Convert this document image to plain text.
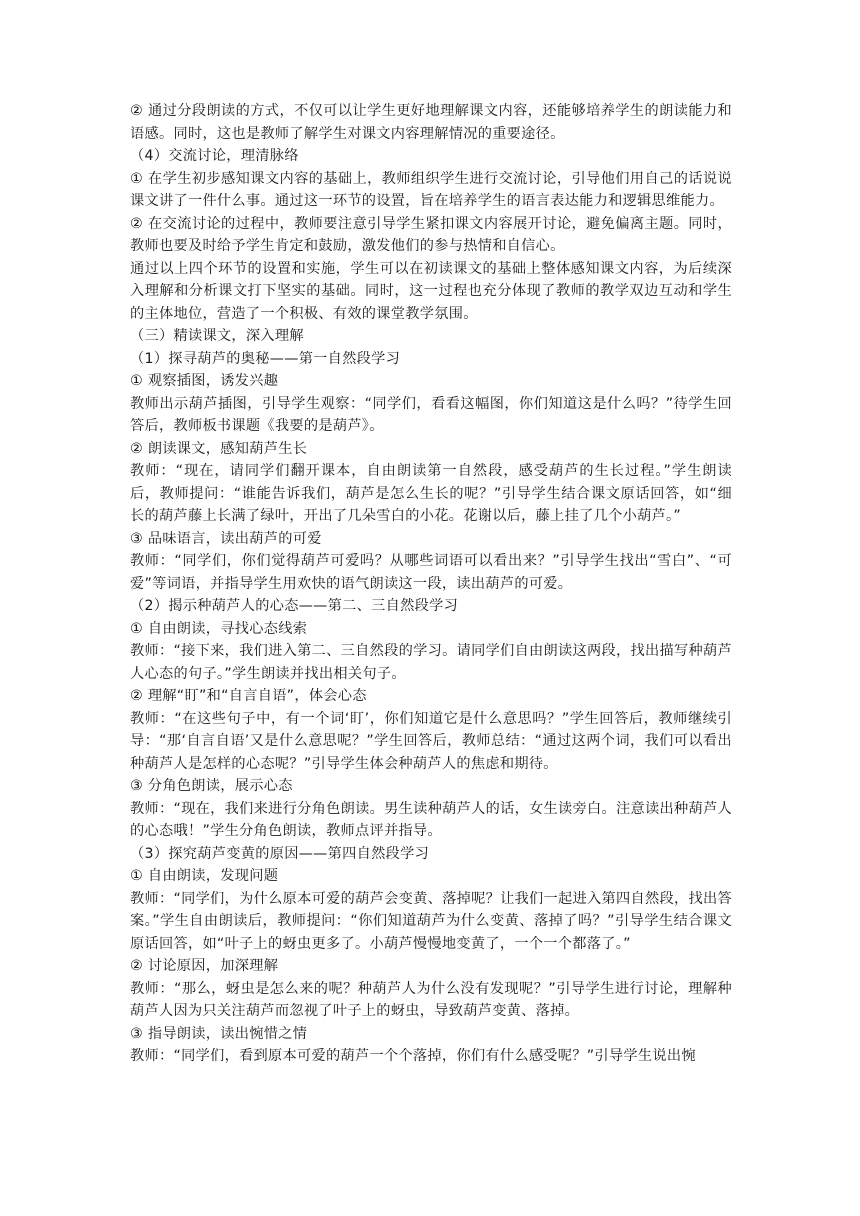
② 通过分段朗读的方式，不仅可以让学生更好地理解课文内容，还能够培养学生的朗读能力和语感。同时，这也是教师了解学生对课文内容理解情况的重要途径。

（4）交流讨论，理清脉络

① 在学生初步感知课文内容的基础上，教师组织学生进行交流讨论，引导他们用自己的话说说课文讲了一件什么事。通过这一环节的设置，旨在培养学生的语言表达能力和逻辑思维能力。

② 在交流讨论的过程中，教师要注意引导学生紧扣课文内容展开讨论，避免偏离主题。同时，教师也要及时给予学生肯定和鼓励，激发他们的参与热情和自信心。

通过以上四个环节的设置和实施，学生可以在初读课文的基础上整体感知课文内容，为后续深入理解和分析课文打下坚实的基础。同时，这一过程也充分体现了教师的教学双边互动和学生的主体地位，营造了一个积极、有效的课堂教学氛围。

（三）精读课文，深入理解

（1）探寻葫芦的奥秘——第一自然段学习

① 观察插图，诱发兴趣

教师出示葫芦插图，引导学生观察：“同学们，看看这幅图，你们知道这是什么吗？”待学生回答后，教师板书课题《我要的是葫芦》。

② 朗读课文，感知葫芦生长

教师：“现在，请同学们翻开课本，自由朗读第一自然段，感受葫芦的生长过程。”学生朗读后，教师提问：“谁能告诉我们，葫芦是怎么生长的呢？”引导学生结合课文原话回答，如“细长的葫芦藤上长满了绿叶，开出了几朵雪白的小花。花谢以后，藤上挂了几个小葫芦。”

③ 品味语言，读出葫芦的可爱

教师：“同学们，你们觉得葫芦可爱吗？从哪些词语可以看出来？”引导学生找出“雪白”、“可爱”等词语，并指导学生用欢快的语气朗读这一段，读出葫芦的可爱。

（2）揭示种葫芦人的心态——第二、三自然段学习

① 自由朗读，寻找心态线索

教师：“接下来，我们进入第二、三自然段的学习。请同学们自由朗读这两段，找出描写种葫芦人心态的句子。”学生朗读并找出相关句子。

② 理解“盯”和“自言自语”，体会心态

教师：“在这些句子中，有一个词‘盯’，你们知道它是什么意思吗？”学生回答后，教师继续引导：“那‘自言自语’又是什么意思呢？”学生回答后，教师总结：“通过这两个词，我们可以看出种葫芦人是怎样的心态呢？”引导学生体会种葫芦人的焦虑和期待。

③ 分角色朗读，展示心态

教师：“现在，我们来进行分角色朗读。男生读种葫芦人的话，女生读旁白。注意读出种葫芦人的心态哦！”学生分角色朗读，教师点评并指导。

（3）探究葫芦变黄的原因——第四自然段学习

① 自由朗读，发现问题

教师：“同学们，为什么原本可爱的葫芦会变黄、落掉呢？让我们一起进入第四自然段，找出答案。”学生自由朗读后，教师提问：“你们知道葫芦为什么变黄、落掉了吗？”引导学生结合课文原话回答，如“叶子上的蚜虫更多了。小葫芦慢慢地变黄了，一个一个都落了。”

② 讨论原因，加深理解

教师：“那么，蚜虫是怎么来的呢？种葫芦人为什么没有发现呢？”引导学生进行讨论，理解种葫芦人因为只关注葫芦而忽视了叶子上的蚜虫，导致葫芦变黄、落掉。

③ 指导朗读，读出惋惜之情

教师：“同学们，看到原本可爱的葫芦一个个落掉，你们有什么感受呢？”引导学生说出惋
